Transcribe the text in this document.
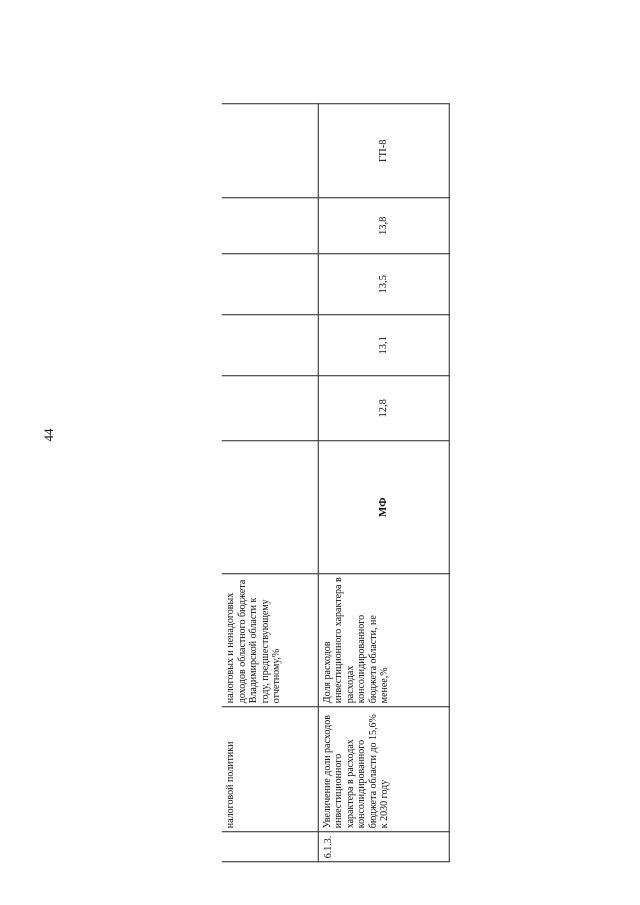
44
	налоговой политики	налоговых и ненадоговых доходов областного бюджета Владимирской области к году, предшествующему отчетному,%						
6.1.3.	Увеличение доли расходов инвестиционного характера в расходах консолидированного бюджета области до 15,6% к 2030 году	Доля расходов инвестиционного характера в расходах консолидированного бюджета области, не менее,%	МФ	12,8	13,1	13,5	13,8	ГП-8
